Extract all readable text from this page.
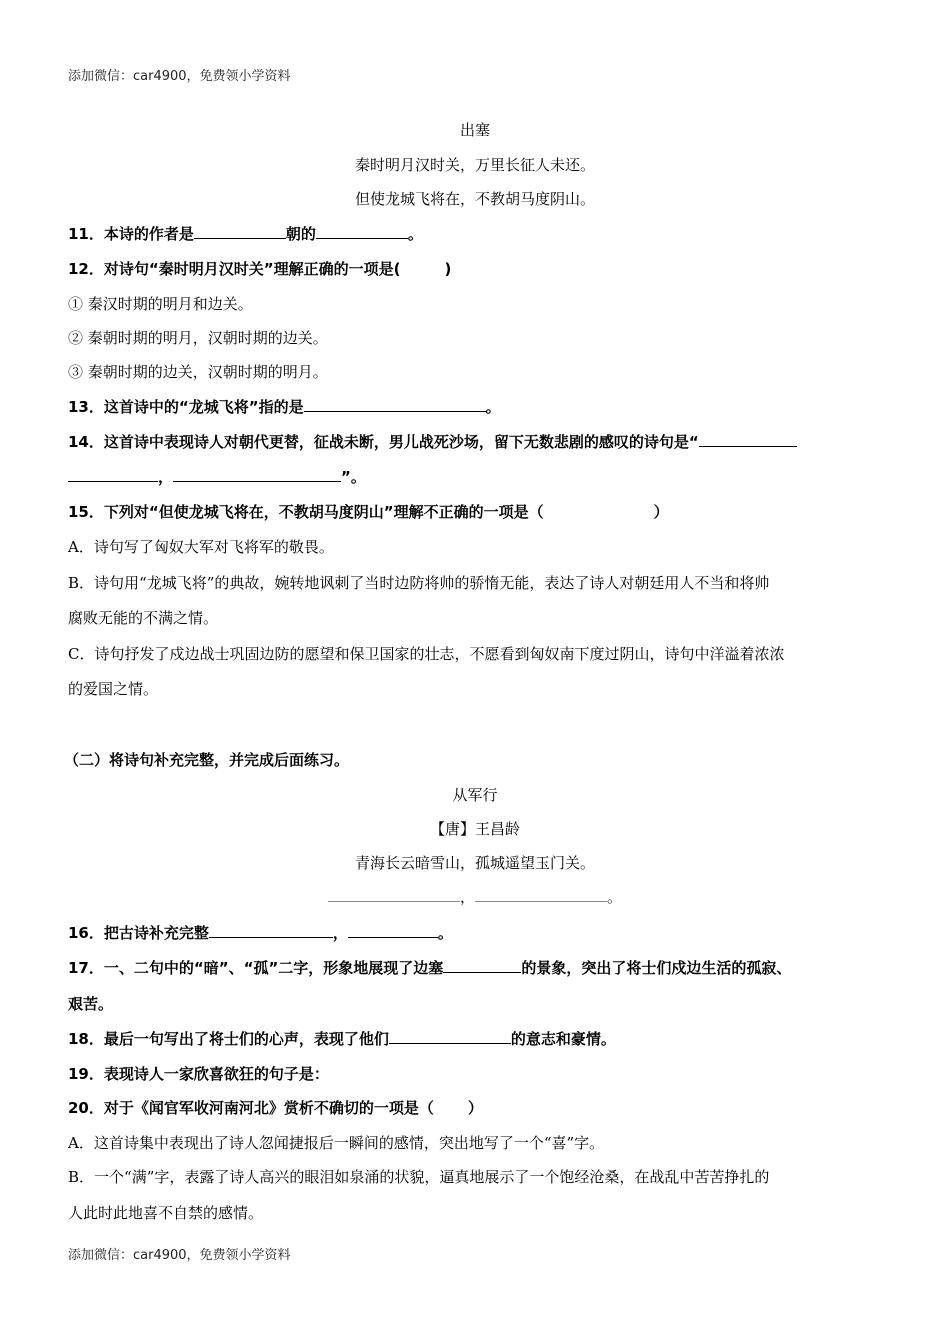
添加微信：car4900，免费领小学资料
出塞
秦时明月汉时关，万里长征人未还。
但使龙城飞将在，不教胡马度阴山。
11．本诗的作者是	朝的	。
12．对诗句“秦时明月汉时关”理解正确的一项是(	)
① 秦汉时期的明月和边关。
② 秦朝时期的明月，汉朝时期的边关。
③ 秦朝时期的边关，汉朝时期的明月。
13．这首诗中的“龙城飞将”指的是	。
14．这首诗中表现诗人对朝代更替，征战未断，男儿战死沙场，留下无数悲剧的感叹的诗句是“
，	”。
15．下列对“但使龙城飞将在，不教胡马度阴山”理解不正确的一项是（	）
A．诗句写了匈奴大军对飞将军的敬畏。
B．诗句用“龙城飞将”的典故，婉转地讽刺了当时边防将帅的骄惰无能，表达了诗人对朝廷用人不当和将帅
腐败无能的不满之情。
C．诗句抒发了戍边战士巩固边防的愿望和保卫国家的壮志，不愿看到匈奴南下度过阴山，诗句中洋溢着浓浓
的爱国之情。
（二）将诗句补充完整，并完成后面练习。
从军行
【唐】王昌龄
青海长云暗雪山，孤城遥望玉门关。
，	。
16．把古诗补充完整	，	。
17．一、二句中的“暗”、“孤”二字，形象地展现了边塞	的景象，突出了将士们戍边生活的孤寂、
艰苦。
18．最后一句写出了将士们的心声，表现了他们	的意志和豪情。
19．表现诗人一家欣喜欲狂的句子是：
20．对于《闻官军收河南河北》赏析不确切的一项是（ ）
A．这首诗集中表现出了诗人忽闻捷报后一瞬间的感情，突出地写了一个“喜”字。
B．一个“满”字，表露了诗人高兴的眼泪如泉涌的状貌，逼真地展示了一个饱经沧桑，在战乱中苦苦挣扎的
人此时此地喜不自禁的感情。
添加微信：car4900，免费领小学资料
